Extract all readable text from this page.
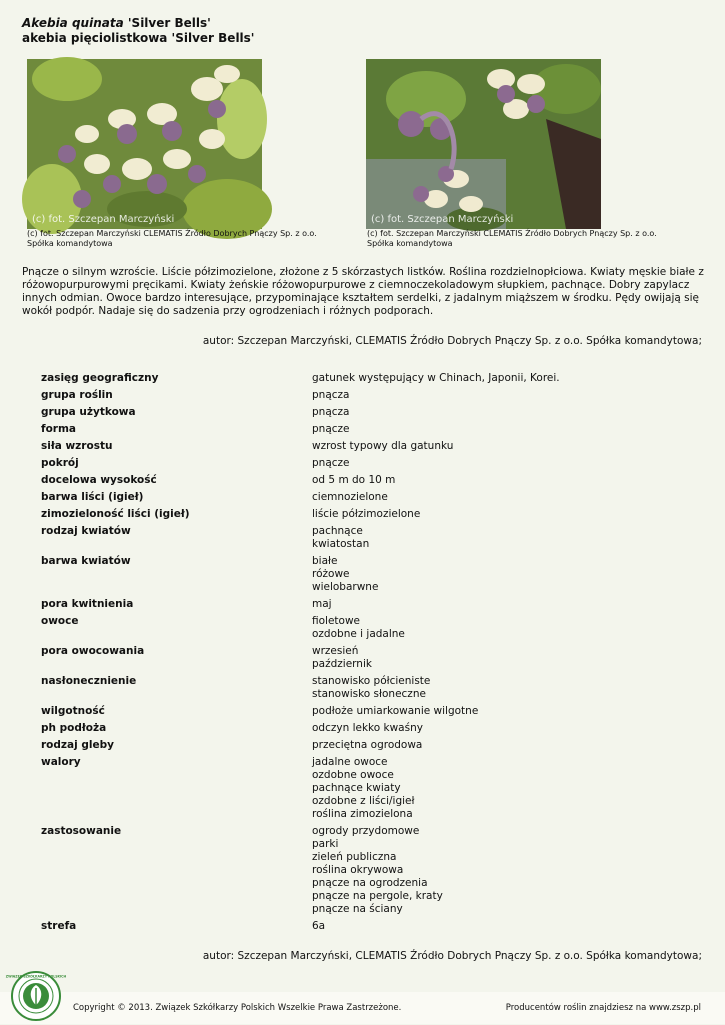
Akebia quinata 'Silver Bells'
akebia pięciolistkowa 'Silver Bells'
(c) fot. Szczepan Marczyński
(c) fot. Szczepan Marczyński CLEMATIS Źródło Dobrych Pnączy Sp. z o.o. Spółka komandytowa
(c) fot. Szczepan Marczyński
(c) fot. Szczepan Marczyński CLEMATIS Źródło Dobrych Pnączy Sp. z o.o. Spółka komandytowa
Pnącze o silnym wzroście. Liście półzimozielone, złożone z 5 skórzastych listków. Roślina rozdzielnopłciowa. Kwiaty męskie białe z różowopurpurowymi pręcikami. Kwiaty żeńskie różowopurpurowe z ciemnoczekoladowym słupkiem, pachnące. Dobry zapylacz innych odmian. Owoce bardzo interesujące, przypominające kształtem serdelki, z jadalnym miąższem w środku. Pędy owijają się wokół podpór. Nadaje się do sadzenia przy ogrodzeniach i różnych podporach.
autor: Szczepan Marczyński, CLEMATIS Źródło Dobrych Pnączy Sp. z o.o. Spółka komandytowa;
zasięg geograficzny	gatunek występujący w Chinach, Japonii, Korei.
grupa roślin	pnącza
grupa użytkowa	pnącza
forma	pnącze
siła wzrostu	wzrost typowy dla gatunku
pokrój	pnącze
docelowa wysokość	od 5 m do 10 m
barwa liści (igieł)	ciemnozielone
zimozieloność liści (igieł)	liście półzimozielone
rodzaj kwiatów	pachnące
kwiatostan
barwa kwiatów	białe
różowe
wielobarwne
pora kwitnienia	maj
owoce	fioletowe
ozdobne i jadalne
pora owocowania	wrzesień
październik
nasłonecznienie	stanowisko półcieniste
stanowisko słoneczne
wilgotność	podłoże umiarkowanie wilgotne
ph podłoża	odczyn lekko kwaśny
rodzaj gleby	przeciętna ogrodowa
walory	jadalne owoce
ozdobne owoce
pachnące kwiaty
ozdobne z liści/igieł
roślina zimozielona
zastosowanie	ogrody przydomowe
parki
zieleń publiczna
roślina okrywowa
pnącze na ogrodzenia
pnącze na pergole, kraty
pnącze na ściany
strefa	6a
autor: Szczepan Marczyński, CLEMATIS Źródło Dobrych Pnączy Sp. z o.o. Spółka komandytowa;
ZWIĄZEK SZKÓŁKARZY POLSKICH
Copyright © 2013. Związek Szkółkarzy Polskich Wszelkie Prawa Zastrzeżone.	Producentów roślin znajdziesz na www.zszp.pl
